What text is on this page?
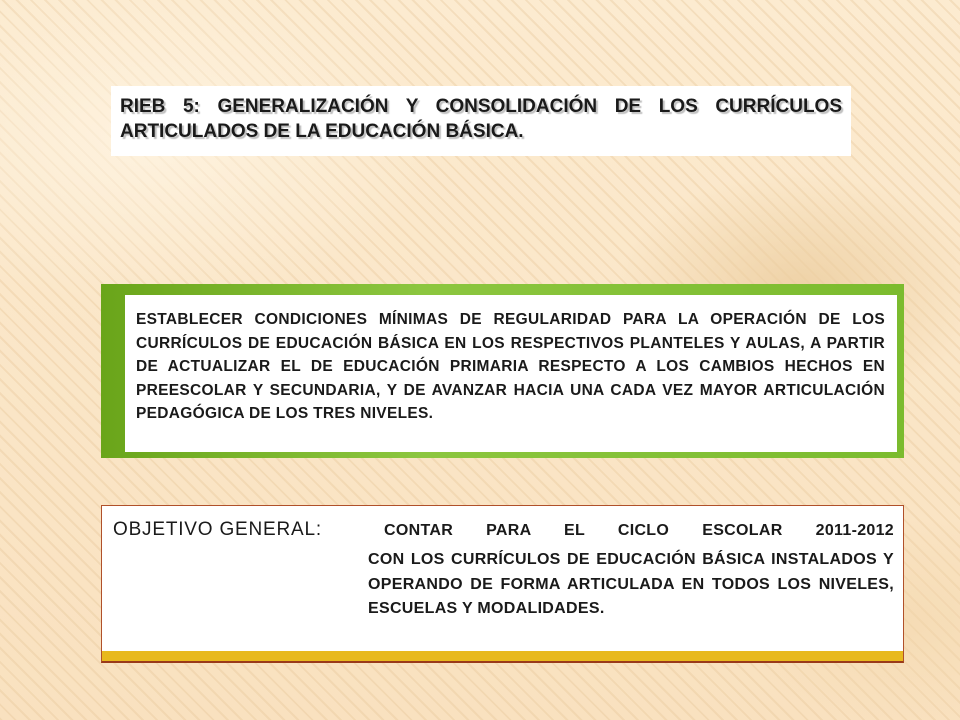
RIEB 5: GENERALIZACIÓN Y CONSOLIDACIÓN DE LOS CURRÍCULOS ARTICULADOS DE LA EDUCACIÓN BÁSICA.

ESTABLECER CONDICIONES MÍNIMAS DE REGULARIDAD PARA LA OPERACIÓN DE LOS CURRÍCULOS DE EDUCACIÓN BÁSICA EN LOS RESPECTIVOS PLANTELES Y AULAS, A PARTIR DE ACTUALIZAR EL DE EDUCACIÓN PRIMARIA RESPECTO A LOS CAMBIOS HECHOS EN PREESCOLAR Y SECUNDARIA, Y DE AVANZAR HACIA UNA CADA VEZ MAYOR ARTICULACIÓN PEDAGÓGICA DE LOS TRES NIVELES.

OBJETIVO GENERAL:	CONTAR PARA EL CICLO ESCOLAR 2011-2012

CON LOS CURRÍCULOS DE EDUCACIÓN BÁSICA INSTALADOS Y OPERANDO DE FORMA ARTICULADA EN TODOS LOS NIVELES, ESCUELAS Y MODALIDADES.
